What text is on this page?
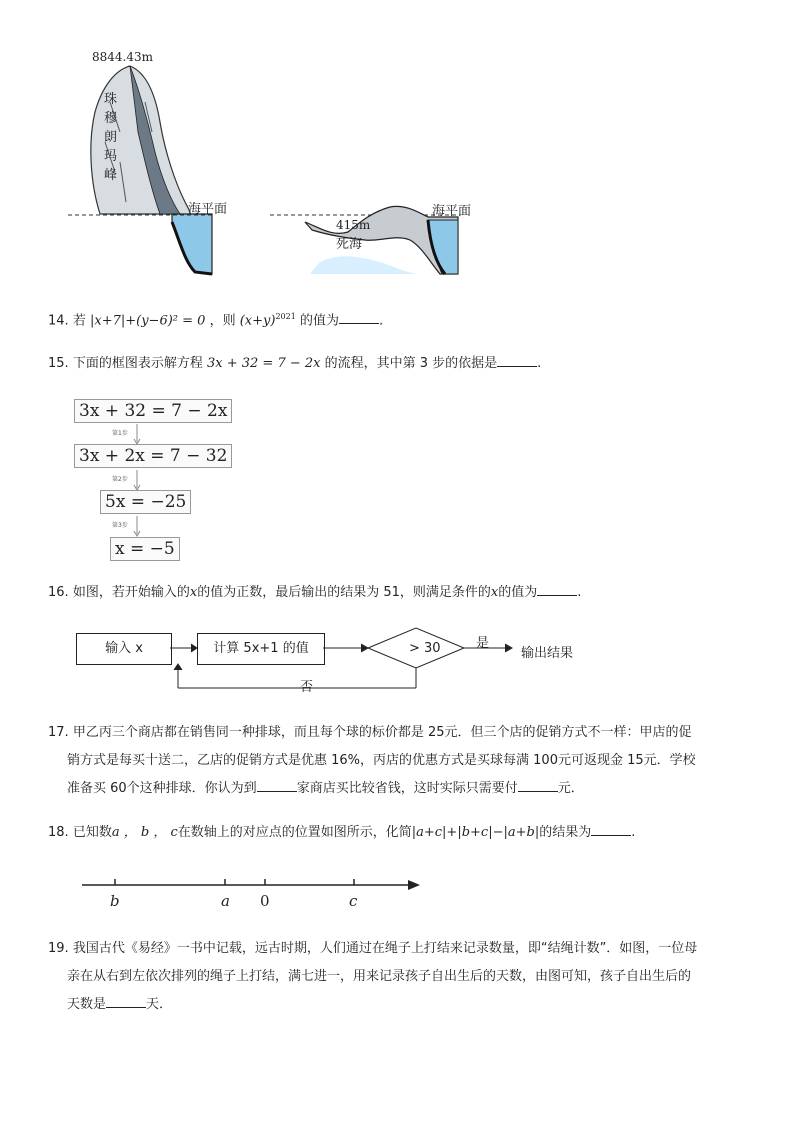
8844.43m
珠
穆
朗
玛
峰
海平面	海平面
415m
死海
14. 若 |x+7|+(y−6)² = 0 ，则 $(x+y)^{2021}$ 的值为	.
15. 下面的框图表示解方程 3x + 32 = 7 − 2x 的流程，其中第 3 步的依据是	.
3x + 32 = 7 − 2x
第1步
3x + 2x = 7 − 32
第2步
5x = −25
第3步
x = −5
16. 如图，若开始输入的x的值为正数，最后输出的结果为 51，则满足条件的x的值为	.
输入 x	计算 5x+1 的值	> 30	是
输出结果
否
17. 甲乙丙三个商店都在销售同一种排球，而且每个球的标价都是 25元．但三个店的促销方式不一样：甲店的促
销方式是每买十送二，乙店的促销方式是优惠 16%，丙店的优惠方式是买球每满 100元可返现金 15元．学校
准备买 60个这种排球．你认为到	家商店买比较省钱，这时实际只需要付	元．
18. 已知数a ， b ， c在数轴上的对应点的位置如图所示，化简|a+c|+|b+c|−|a+b|的结果为	.
b	a 0	c
19. 我国古代《易经》一书中记载，远古时期，人们通过在绳子上打结来记录数量，即“结绳计数”．如图，一位母
亲在从右到左依次排列的绳子上打结，满七进一，用来记录孩子自出生后的天数，由图可知，孩子自出生后的
天数是	天．
